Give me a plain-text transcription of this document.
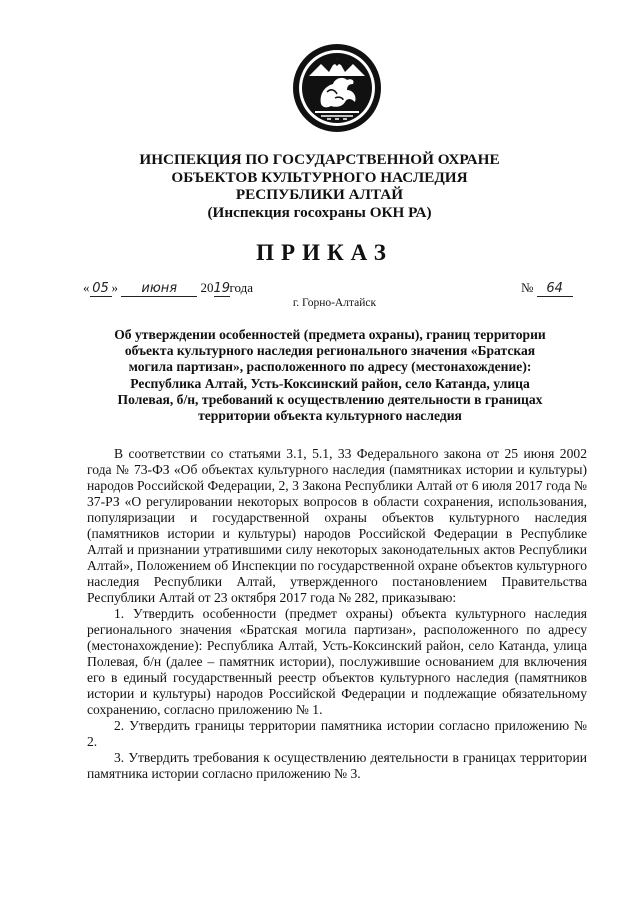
ИНСПЕКЦИЯ ПО ГОСУДАРСТВЕННОЙ ОХРАНЕ
ОБЪЕКТОВ КУЛЬТУРНОГО НАСЛЕДИЯ
РЕСПУБЛИКИ АЛТАЙ
(Инспекция госохраны ОКН РА)
ПРИКАЗ
« 05 » июня 2019года	№ 64
г. Горно-Алтайск
Об утверждении особенностей (предмета охраны), границ территории
объекта культурного наследия регионального значения «Братская
могила партизан», расположенного по адресу (местонахождение):
Республика Алтай, Усть-Коксинский район, село Катанда, улица
Полевая, б/н, требований к осуществлению деятельности в границах
территории объекта культурного наследия

В соответствии со статьями 3.1, 5.1, 33 Федерального закона от 25 июня 2002 года № 73-ФЗ «Об объектах культурного наследия (памятниках истории и культуры) народов Российской Федерации, 2, 3 Закона Республики Алтай от 6 июля 2017 года № 37-РЗ «О регулировании некоторых вопросов в области сохранения, использования, популяризации и государственной охраны объектов культурного наследия (памятников истории и культуры) народов Российской Федерации в Республике Алтай и признании утратившими силу некоторых законодательных актов Республики Алтай», Положением об Инспекции по государственной охране объектов культурного наследия Республики Алтай, утвержденного постановлением Правительства Республики Алтай от 23 октября 2017 года № 282, приказываю:

1. Утвердить особенности (предмет охраны) объекта культурного наследия регионального значения «Братская могила партизан», расположенного по адресу (местонахождение): Республика Алтай, Усть-Коксинский район, село Катанда, улица Полевая, б/н (далее – памятник истории), послужившие основанием для включения его в единый государственный реестр объектов культурного наследия (памятников истории и культуры) народов Российской Федерации и подлежащие обязательному сохранению, согласно приложению № 1.

2. Утвердить границы территории памятника истории согласно приложению № 2.

3. Утвердить требования к осуществлению деятельности в границах территории памятника истории согласно приложению № 3.
